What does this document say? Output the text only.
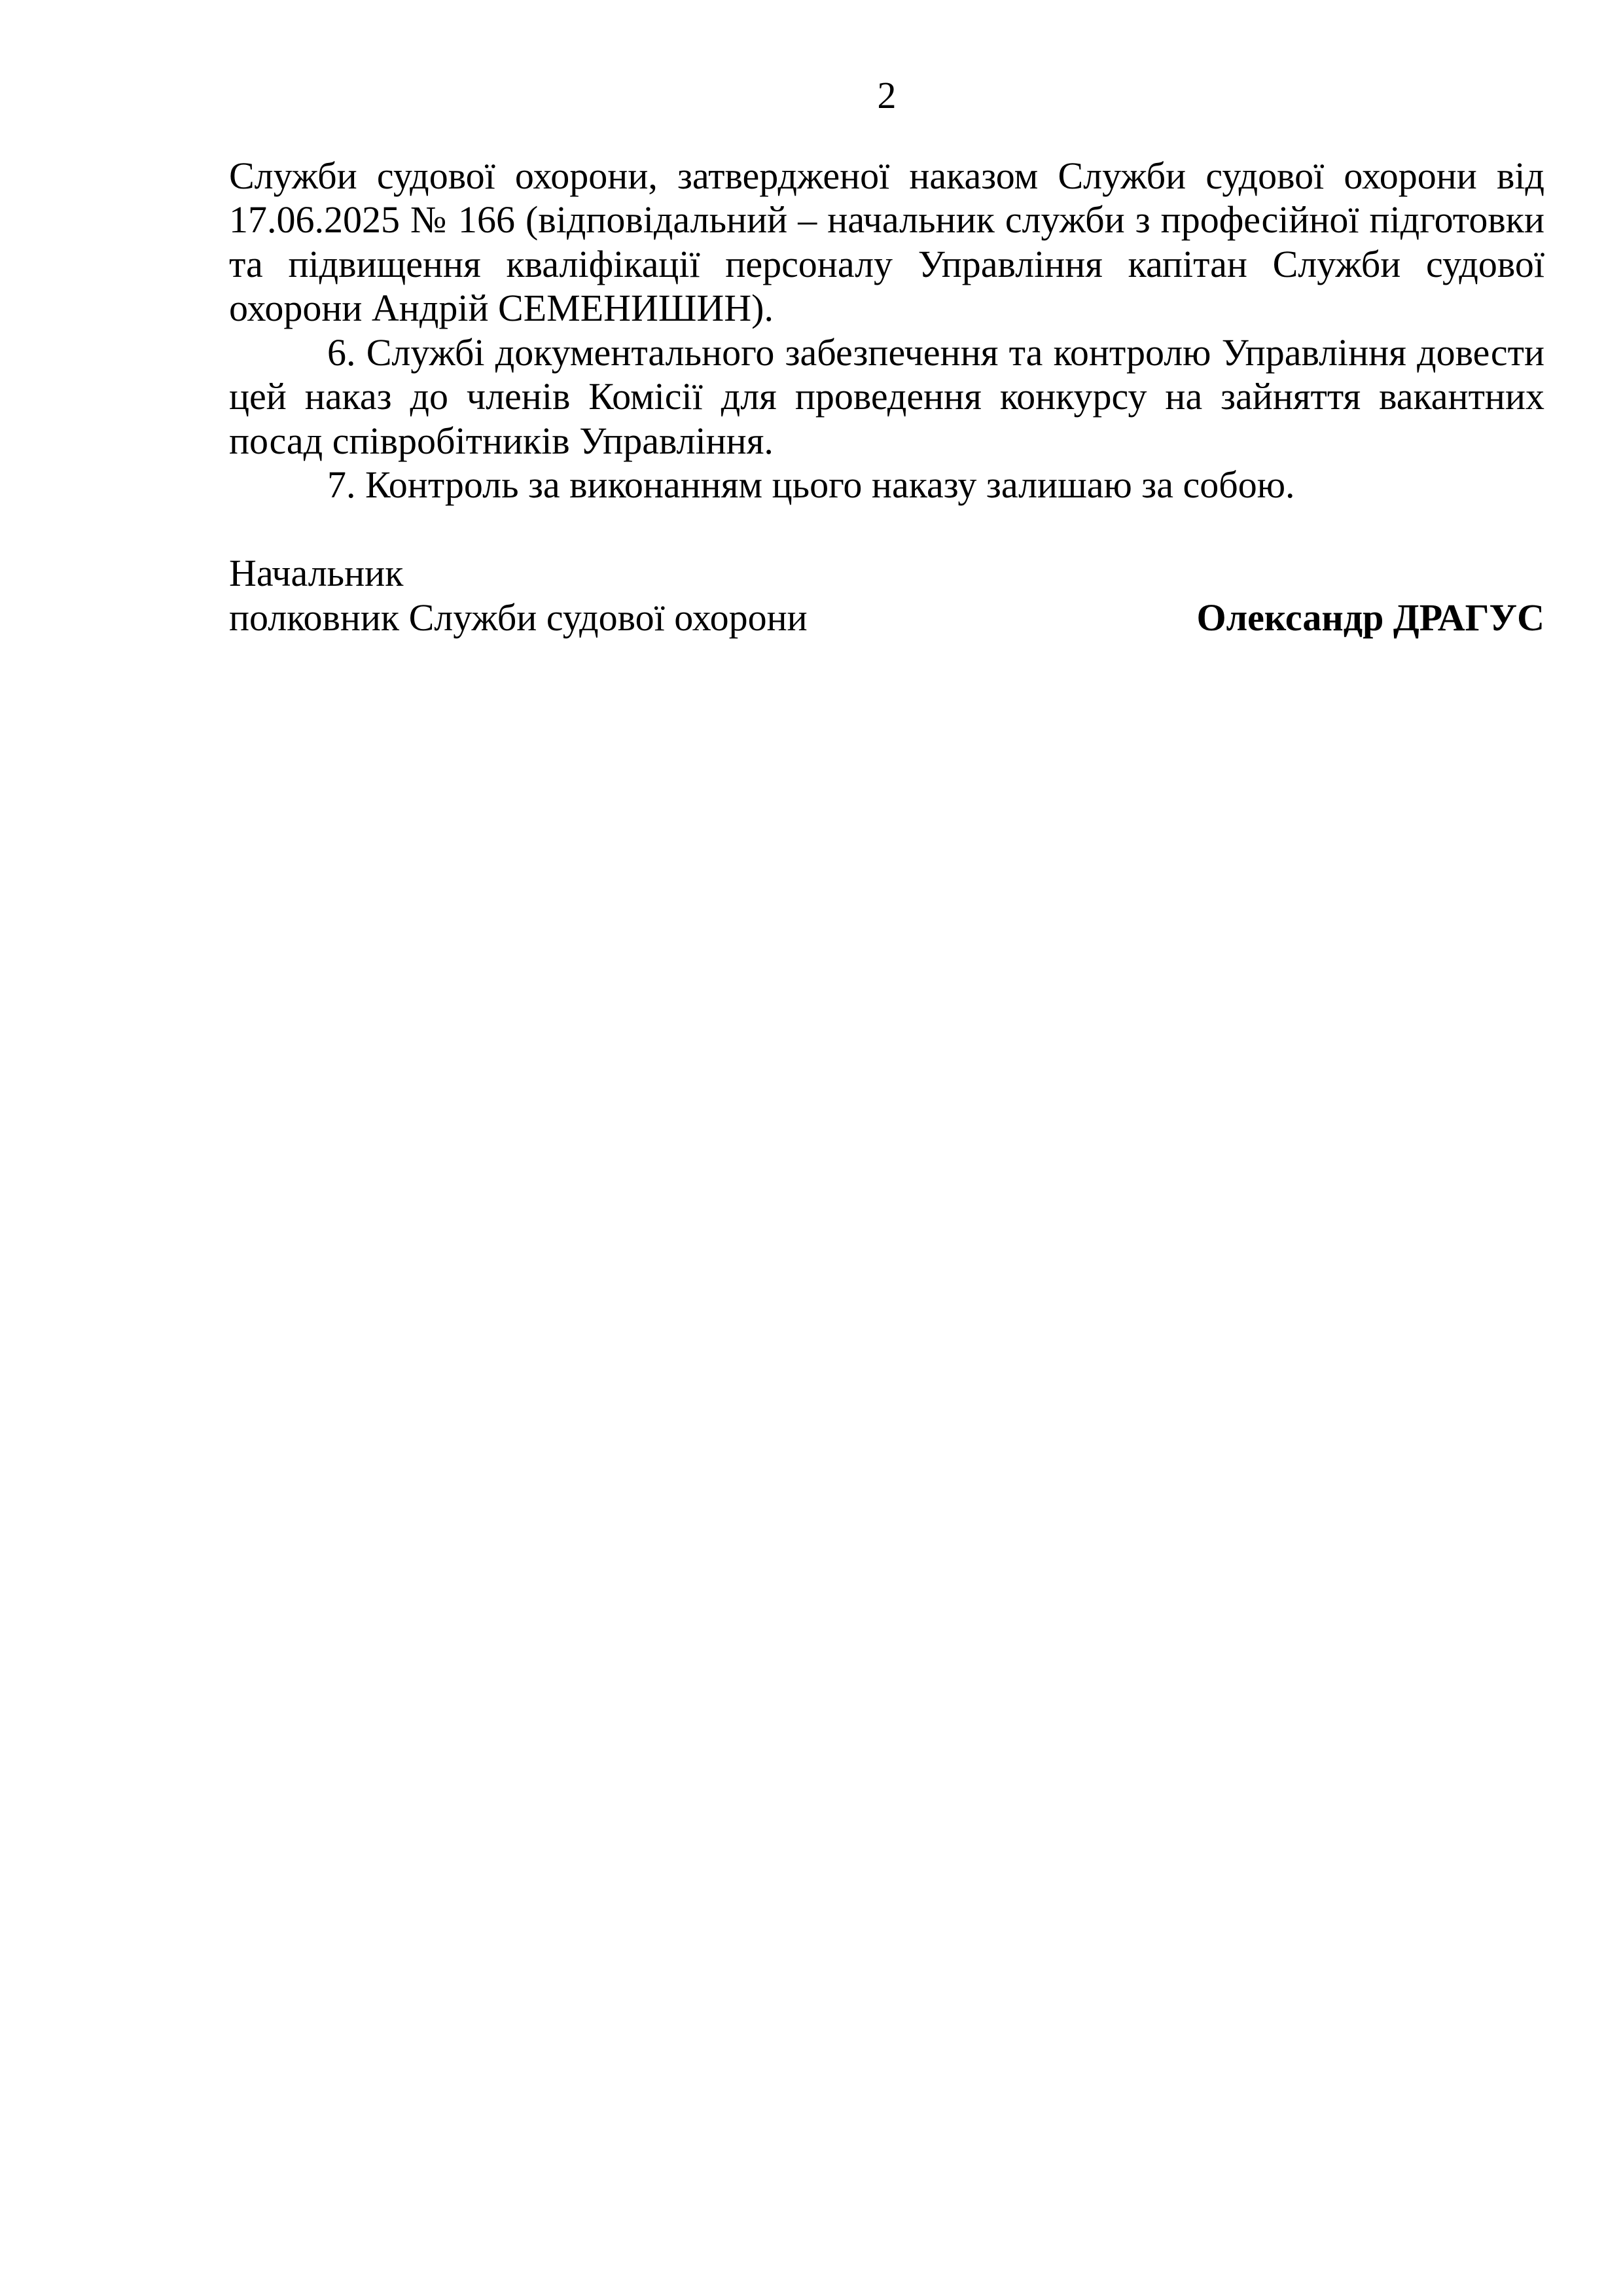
2

Служби судової охорони, затвердженої наказом Служби судової охорони від 17.06.2025 № 166 (відповідальний – начальник служби з професійної підготовки та підвищення кваліфікації персоналу Управління капітан Служби судової охорони Андрій СЕМЕНИШИН).

6. Службі документального забезпечення та контролю Управління довести цей наказ до членів Комісії для проведення конкурсу на зайняття вакантних посад співробітників Управління.

7. Контроль за виконанням цього наказу залишаю за собою.

Начальник

полковник Служби судової охорони	Олександр ДРАГУС
